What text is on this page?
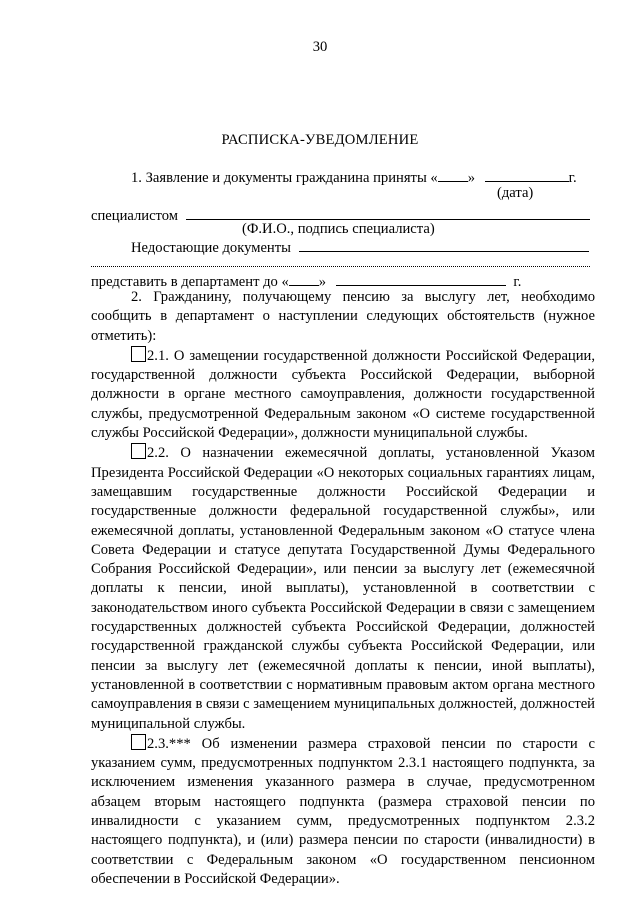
30
РАСПИСКА-УВЕДОМЛЕНИЕ
1. Заявление и документы гражданина приняты « »	г.
(дата)
специалистом
(Ф.И.О., подпись специалиста)
Недостающие документы
представить в департамент до « »	г.

2. Гражданину, получающему пенсию за выслугу лет, необходимо сообщить в департамент о наступлении следующих обстоятельств (нужное отметить):

2.1. О замещении государственной должности Российской Федерации, государственной должности субъекта Российской Федерации, выборной должности в органе местного самоуправления, должности государственной службы, предусмотренной Федеральным законом «О системе государственной службы Российской Федерации», должности муниципальной службы.

2.2. О назначении ежемесячной доплаты, установленной Указом Президента Российской Федерации «О некоторых социальных гарантиях лицам, замещавшим государственные должности Российской Федерации и государственные должности федеральной государственной службы», или ежемесячной доплаты, установленной Федеральным законом «О статусе члена Совета Федерации и статусе депутата Государственной Думы Федерального Собрания Российской Федерации», или пенсии за выслугу лет (ежемесячной доплаты к пенсии, иной выплаты), установленной в соответствии с законодательством иного субъекта Российской Федерации в связи с замещением государственных должностей субъекта Российской Федерации, должностей государственной гражданской службы субъекта Российской Федерации, или пенсии за выслугу лет (ежемесячной доплаты к пенсии, иной выплаты), установленной в соответствии с нормативным правовым актом органа местного самоуправления в связи с замещением муниципальных должностей, должностей муниципальной службы.

2.3.*** Об изменении размера страховой пенсии по старости с указанием сумм, предусмотренных подпунктом 2.3.1 настоящего подпункта, за исключением изменения указанного размера в случае, предусмотренном абзацем вторым настоящего подпункта (размера страховой пенсии по инвалидности с указанием сумм, предусмотренных подпунктом 2.3.2 настоящего подпункта), и (или) размера пенсии по старости (инвалидности) в соответствии с Федеральным законом «О государственном пенсионном обеспечении в Российской Федерации».
